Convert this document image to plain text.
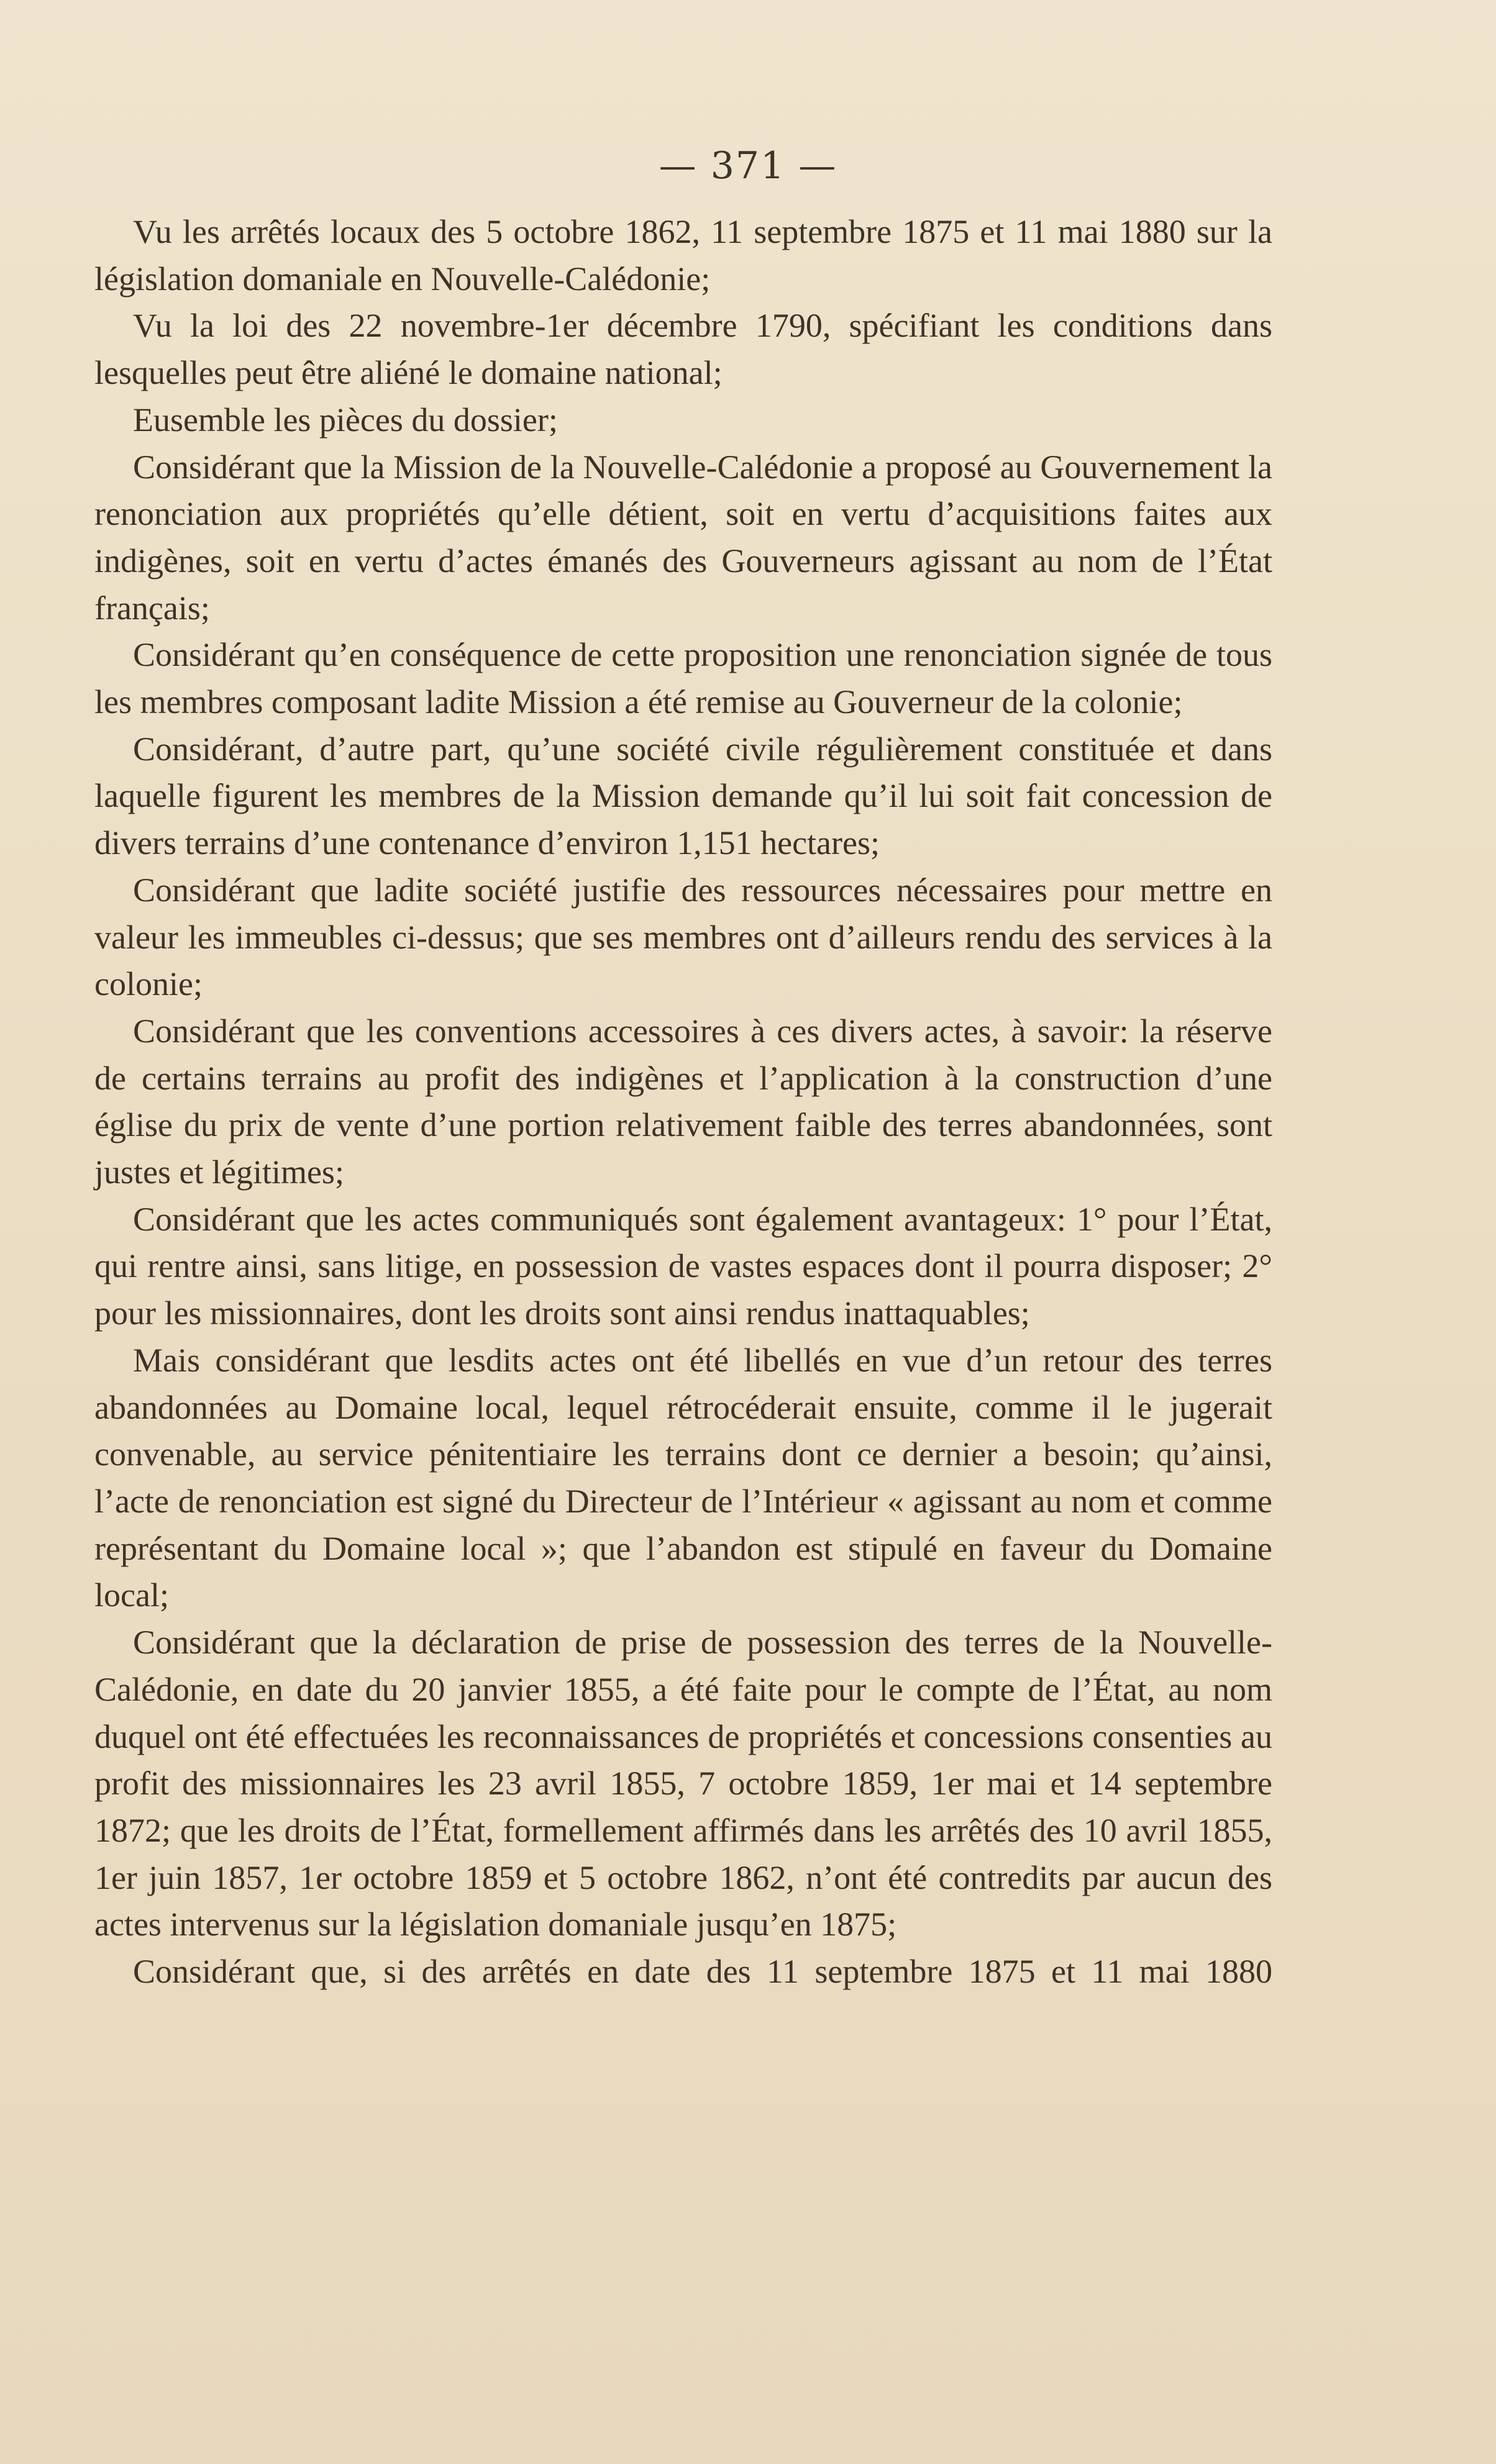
— 371 —

Vu les arrêtés locaux des 5 octobre 1862, 11 septembre 1875 et 11 mai 1880 sur la législation domaniale en Nouvelle-Calédonie;

Vu la loi des 22 novembre-1er décembre 1790, spécifiant les conditions dans lesquelles peut être aliéné le domaine national;

Eusemble les pièces du dossier;

Considérant que la Mission de la Nouvelle-Calédonie a proposé au Gouvernement la renonciation aux propriétés qu’elle détient, soit en vertu d’acquisitions faites aux indigènes, soit en vertu d’actes émanés des Gouverneurs agissant au nom de l’État français;

Considérant qu’en conséquence de cette proposition une renonciation signée de tous les membres composant ladite Mission a été remise au Gouverneur de la colonie;

Considérant, d’autre part, qu’une société civile régulièrement constituée et dans laquelle figurent les membres de la Mission demande qu’il lui soit fait concession de divers terrains d’une contenance d’environ 1,151 hectares;

Considérant que ladite société justifie des ressources nécessaires pour mettre en valeur les immeubles ci-dessus; que ses membres ont d’ailleurs rendu des services à la colonie;

Considérant que les conventions accessoires à ces divers actes, à savoir: la réserve de certains terrains au profit des indigènes et l’application à la construction d’une église du prix de vente d’une portion relativement faible des terres abandonnées, sont justes et légitimes;

Considérant que les actes communiqués sont également avantageux: 1° pour l’État, qui rentre ainsi, sans litige, en possession de vastes espaces dont il pourra disposer; 2° pour les missionnaires, dont les droits sont ainsi rendus inattaquables;

Mais considérant que lesdits actes ont été libellés en vue d’un retour des terres abandonnées au Domaine local, lequel rétrocéderait ensuite, comme il le jugerait convenable, au service pénitentiaire les terrains dont ce dernier a besoin; qu’ainsi, l’acte de renonciation est signé du Directeur de l’Intérieur « agissant au nom et comme représentant du Domaine local »; que l’abandon est stipulé en faveur du Domaine local;

Considérant que la déclaration de prise de possession des terres de la Nouvelle-Calédonie, en date du 20 janvier 1855, a été faite pour le compte de l’État, au nom duquel ont été effectuées les reconnaissances de propriétés et concessions consenties au profit des missionnaires les 23 avril 1855, 7 octobre 1859, 1er mai et 14 septembre 1872; que les droits de l’État, formellement affirmés dans les arrêtés des 10 avril 1855, 1er juin 1857, 1er octobre 1859 et 5 octobre 1862, n’ont été contredits par aucun des actes intervenus sur la législation domaniale jusqu’en 1875;

Considérant que, si des arrêtés en date des 11 septembre 1875 et 11 mai 1880
